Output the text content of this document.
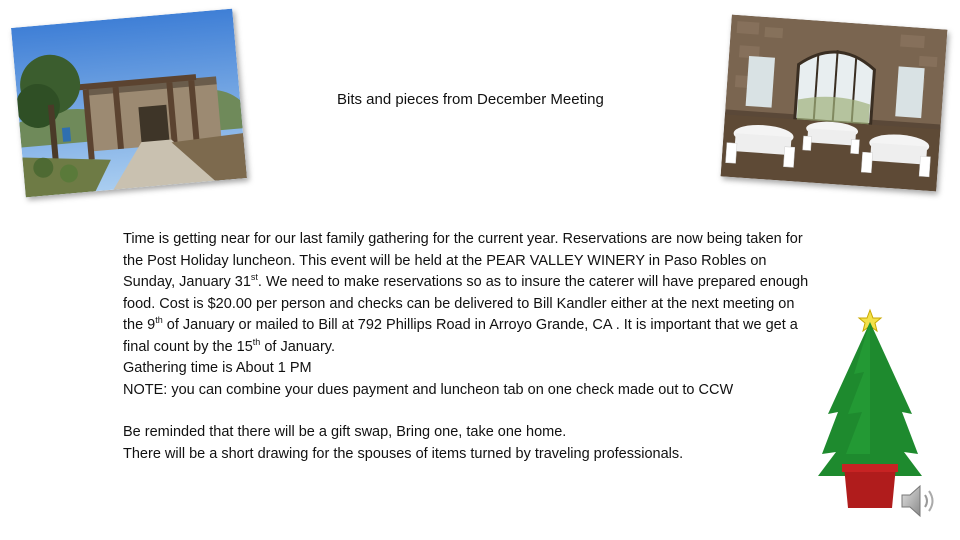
Bits and pieces from December Meeting

Time is getting near for our last family gathering for the current year. Reservations are now being taken for the Post Holiday luncheon. This event will be held at the PEAR VALLEY WINERY in Paso Robles on Sunday, January 31st. We need to make reservations so as to insure the caterer will have prepared enough food. Cost is $20.00 per person and checks can be delivered to Bill Kandler either at the next meeting on the 9th of January or mailed to Bill at 792 Phillips Road in Arroyo Grande, CA . It is important that we get a final count by the 15th of January.

Gathering time is About 1 PM

NOTE: you can combine your dues payment and luncheon tab on one check made out to CCW

Be reminded that there will be a gift swap, Bring one, take one home.

There will be a short drawing for the spouses of items turned by traveling professionals.
